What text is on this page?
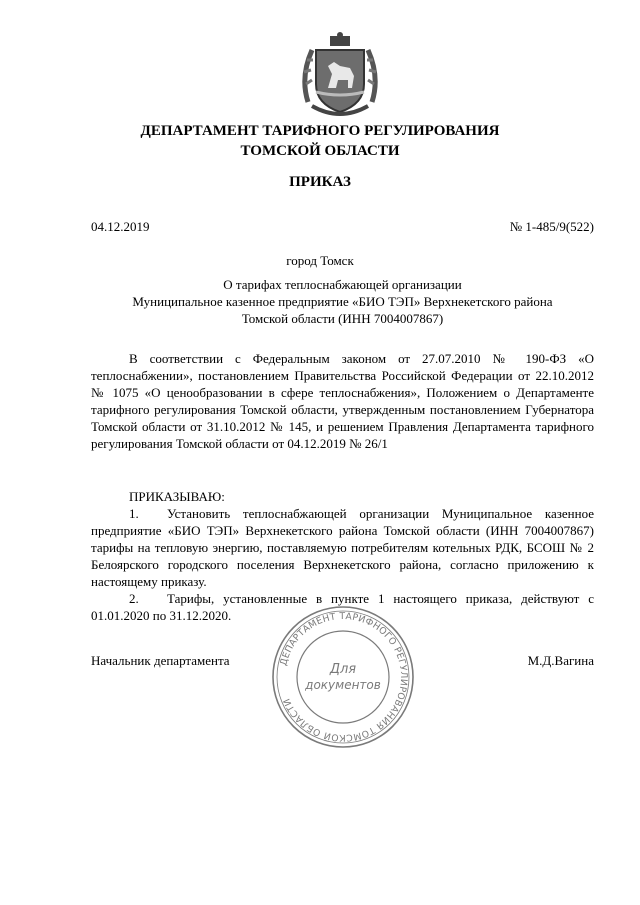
ДЕПАРТАМЕНТ ТАРИФНОГО РЕГУЛИРОВАНИЯ
ТОМСКОЙ ОБЛАСТИ
ПРИКАЗ
04.12.2019	№ 1-485/9(522)
город Томск
О тарифах теплоснабжающей организации
Муниципальное казенное предприятие «БИО ТЭП» Верхнекетского района
Томской области (ИНН 7004007867)
В соответствии с Федеральным законом от 27.07.2010 № 190-ФЗ «О теплоснабжении», постановлением Правительства Российской Федерации от 22.10.2012 № 1075 «О ценообразовании в сфере теплоснабжения», Положением о Департаменте тарифного регулирования Томской области, утвержденным постановлением Губернатора Томской области от 31.10.2012 № 145, и решением Правления Департамента тарифного регулирования Томской области от 04.12.2019 № 26/1
ПРИКАЗЫВАЮ:
1. Установить теплоснабжающей организации Муниципальное казенное предприятие «БИО ТЭП» Верхнекетского района Томской области (ИНН 7004007867) тарифы на тепловую энергию, поставляемую потребителям котельных РДК, БСОШ № 2 Белоярского городского поселения Верхнекетского района, согласно приложению к настоящему приказу.
2. Тарифы, установленные в пункте 1 настоящего приказа, действуют с 01.01.2020 по 31.12.2020.
Начальник департамента	М.Д.Вагина
ДЕПАРТАМЕНТ ТАРИФНОГО РЕГУЛИРОВАНИЯ ТОМСКОЙ ОБЛАСТИ
Для
документов
